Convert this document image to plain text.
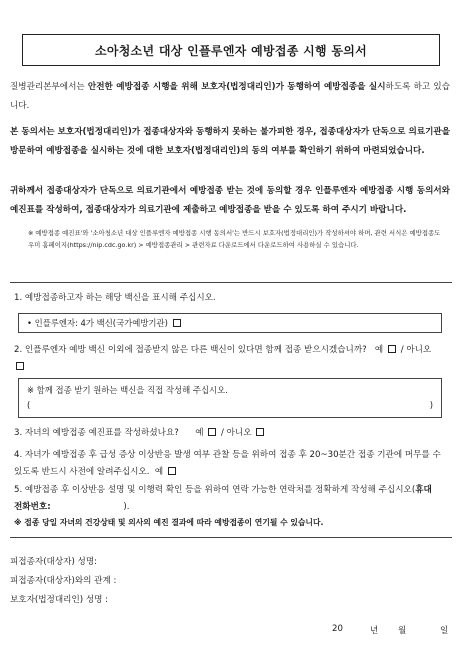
소아청소년 대상 인플루엔자 예방접종 시행 동의서
질병관리본부에서는 안전한 예방접종 시행을 위해 보호자(법정대리인)가 동행하여 예방접종을 실시하도록 하고 있습니다.
본 동의서는 보호자(법정대리인)가 접종대상자와 동행하지 못하는 불가피한 경우, 접종대상자가 단독으로 의료기관을 방문하여 예방접종을 실시하는 것에 대한 보호자(법정대리인)의 동의 여부를 확인하기 위하여 마련되었습니다.
귀하께서 접종대상자가 단독으로 의료기관에서 예방접종 받는 것에 동의할 경우 인플루엔자 예방접종 시행 동의서와 예진표를 작성하여, 접종대상자가 의료기관에 제출하고 예방접종을 받을 수 있도록 하여 주시기 바랍니다.
※ 예방접종 예진표'와 '소아청소년 대상 인플루엔자 예방접종 시행 동의서'는 반드시 보호자(법정대리인)가 작성하셔야 하며, 관련 서식은 예방접종도우미 홈페이지(https://nip.cdc.go.kr) > 예방접종관리 > 관련자료 다운로드에서 다운로드하여 사용하실 수 있습니다.
1. 예방접종하고자 하는 해당 백신을 표시해 주십시오.
• 인플루엔자: 4가 백신(국가예방기관)
2. 인플루엔자 예방 백신 이외에 접종받지 않은 다른 백신이 있다면 함께 접종 받으시겠습니까? 예 / 아니오
※ 함께 접종 받기 원하는 백신을 직접 작성해 주십시오.
(	)
3. 자녀의 예방접종 예진표를 작성하셨나요? 예 / 아니오
4. 자녀가 예방접종 후 급성 증상 이상반응 발생 여부 관찰 등을 위하여 접종 후 20~30분간 접종 기관에 머무를 수 있도록 반드시 사전에 알려주십시오. 예
5. 예방접종 후 이상반응 설명 및 이행력 확인 등을 위하여 연락 가능한 연락처를 정확하게 작성해 주십시오(휴대 전화번호:	).
※ 접종 당일 자녀의 건강상태 및 의사의 예진 결과에 따라 예방접종이 연기될 수 있습니다.
피접종자(대상자) 성명:
피접종자(대상자)와의 관계 :
보호자(법정대리인) 성명 :
20	년 월	일
